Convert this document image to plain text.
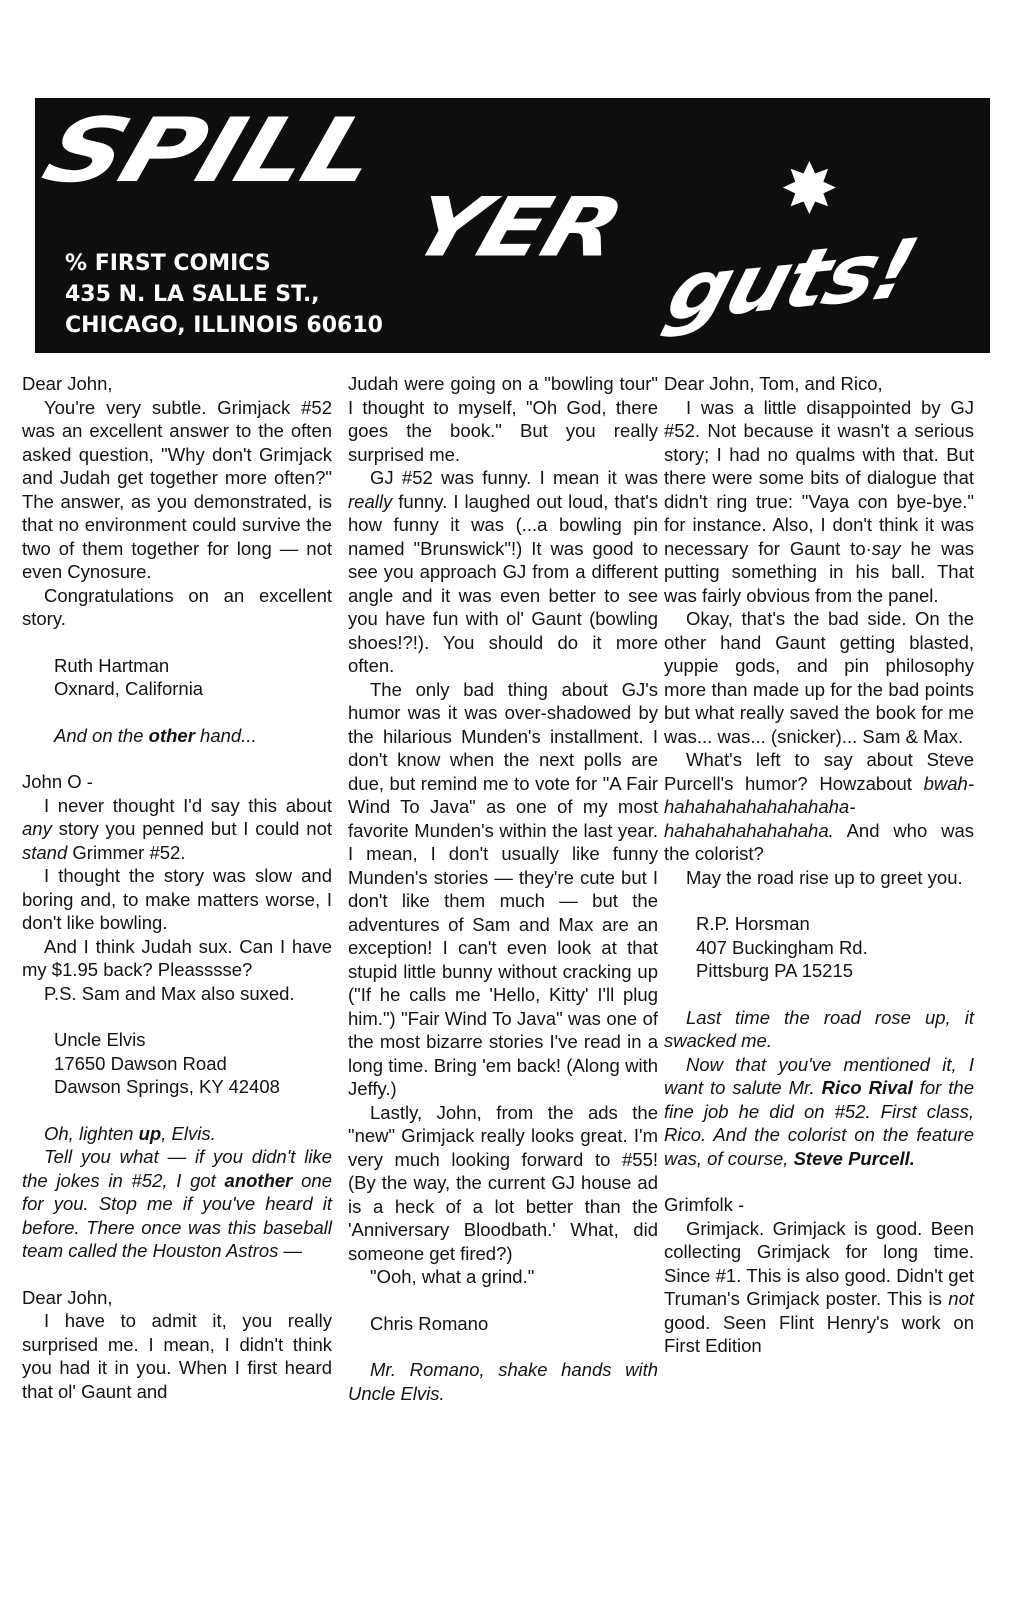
SPILL
YER ✸
guts!
% FIRST COMICS
435 N. LA SALLE ST.,
CHICAGO, ILLINOIS 60610

Dear John,

You're very subtle. Grimjack #52 was an excellent answer to the often asked question, "Why don't Grimjack and Judah get together more often?" The answer, as you demonstrated, is that no environment could survive the two of them together for long — not even Cynosure.

Congratulations on an excellent story.

Ruth Hartman

Oxnard, California

And on the other hand...

John O -

I never thought I'd say this about any story you penned but I could not stand Grimmer #52.

I thought the story was slow and boring and, to make matters worse, I don't like bowling.

And I think Judah sux. Can I have my $1.95 back? Pleasssse?

P.S. Sam and Max also suxed.

Uncle Elvis

17650 Dawson Road

Dawson Springs, KY 42408

Oh, lighten up, Elvis.

Tell you what — if you didn't like the jokes in #52, I got another one for you. Stop me if you've heard it before. There once was this baseball team called the Houston Astros —

Dear John,

I have to admit it, you really surprised me. I mean, I didn't think you had it in you. When I first heard that ol' Gaunt and

Judah were going on a "bowling tour" I thought to myself, "Oh God, there goes the book." But you really surprised me.

GJ #52 was funny. I mean it was really funny. I laughed out loud, that's how funny it was (...a bowling pin named "Brunswick"!) It was good to see you approach GJ from a different angle and it was even better to see you have fun with ol' Gaunt (bowling shoes!?!). You should do it more often.

The only bad thing about GJ's humor was it was over-shadowed by the hilarious Munden's installment. I don't know when the next polls are due, but remind me to vote for "A Fair Wind To Java" as one of my most favorite Munden's within the last year. I mean, I don't usually like funny Munden's stories — they're cute but I don't like them much — but the adventures of Sam and Max are an exception! I can't even look at that stupid little bunny without cracking up ("If he calls me 'Hello, Kitty' I'll plug him.") "Fair Wind To Java" was one of the most bizarre stories I've read in a long time. Bring 'em back! (Along with Jeffy.)

Lastly, John, from the ads the "new" Grimjack really looks great. I'm very much looking forward to #55! (By the way, the current GJ house ad is a heck of a lot better than the 'Anniversary Bloodbath.' What, did someone get fired?)

"Ooh, what a grind."

Chris Romano

Mr. Romano, shake hands with Uncle Elvis.

Dear John, Tom, and Rico,

I was a little disappointed by GJ #52. Not because it wasn't a serious story; I had no qualms with that. But there were some bits of dialogue that didn't ring true: "Vaya con bye-bye." for instance. Also, I don't think it was necessary for Gaunt to·say he was putting something in his ball. That was fairly obvious from the panel.

Okay, that's the bad side. On the other hand Gaunt getting blasted, yuppie gods, and pin philosophy more than made up for the bad points but what really saved the book for me was... was... (snicker)... Sam & Max.

What's left to say about Steve Purcell's humor? Howzabout bwah-hahahahahahahahaha-hahahahahahahaha. And who was the colorist?

May the road rise up to greet you.

R.P. Horsman

407 Buckingham Rd.

Pittsburg PA 15215

Last time the road rose up, it swacked me.

Now that you've mentioned it, I want to salute Mr. Rico Rival for the fine job he did on #52. First class, Rico. And the colorist on the feature was, of course, Steve Purcell.

Grimfolk -

Grimjack. Grimjack is good. Been collecting Grimjack for long time. Since #1. This is also good. Didn't get Truman's Grimjack poster. This is not good. Seen Flint Henry's work on First Edition
